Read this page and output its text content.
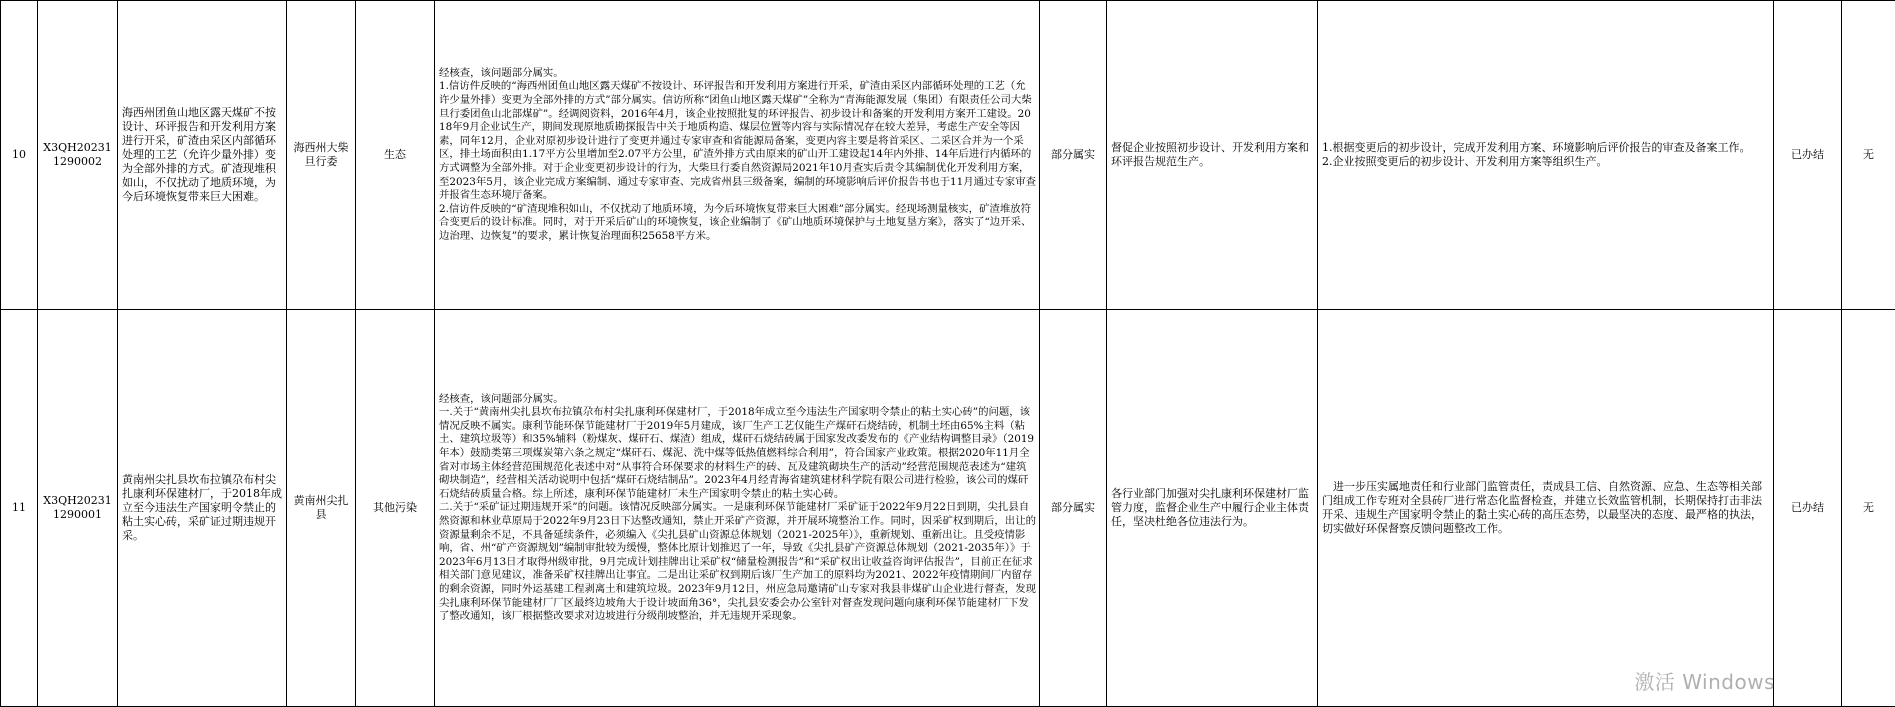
10	X3QH202311290002	海西州团鱼山地区露天煤矿不按设计、环评报告和开发利用方案进行开采，矿渣由采区内部循环处理的工艺（允许少量外排）变为全部外排的方式。矿渣现堆积如山，不仅扰动了地质环境，为今后环境恢复带来巨大困难。	海西州大柴旦行委	生态	经核查，该问题部分属实。
1.信访件反映的“海西州团鱼山地区露天煤矿不按设计、环评报告和开发利用方案进行开采，矿渣由采区内部循环处理的工艺（允许少量外排）变更为全部外排的方式”部分属实。信访所称“团鱼山地区露天煤矿”全称为“青海能源发展（集团）有限责任公司大柴旦行委团鱼山北部煤矿”。经调阅资料，2016年4月，该企业按照批复的环评报告、初步设计和备案的开发利用方案开工建设。2018年9月企业试生产，期间发现原地质勘探报告中关于地质构造、煤层位置等内容与实际情况存在较大差异，考虑生产安全等因素，同年12月，企业对原初步设计进行了变更并通过专家审查和省能源局备案，变更内容主要是将首采区、二采区合并为一个采区，排土场面积由1.17平方公里增加至2.07平方公里，矿渣外排方式由原来的矿山开工建设起14年内外排、14年后进行内循环的方式调整为全部外排。对于企业变更初步设计的行为，大柴旦行委自然资源局2021年10月查实后责令其编制优化开发利用方案，至2023年5月，该企业完成方案编制、通过专家审查、完成省州县三级备案，编制的环境影响后评价报告书也于11月通过专家审查并报省生态环境厅备案。
2.信访件反映的“矿渣现堆积如山，不仅扰动了地质环境，为今后环境恢复带来巨大困难”部分属实。经现场测量核实，矿渣堆放符合变更后的设计标准。同时，对于开采后矿山的环境恢复，该企业编制了《矿山地质环境保护与土地复垦方案》，落实了“边开采、边治理、边恢复”的要求，累计恢复治理面积25658平方米。	部分属实	督促企业按照初步设计、开发利用方案和环评报告规范生产。	1.根据变更后的初步设计，完成开发利用方案、环境影响后评价报告的审查及备案工作。
2.企业按照变更后的初步设计、开发利用方案等组织生产。	已办结	无
11	X3QH202311290001	黄南州尖扎县坎布拉镇尕布村尖扎康利环保建材厂，于2018年成立至今违法生产国家明令禁止的粘土实心砖，采矿证过期违规开采。	黄南州尖扎县	其他污染	经核查，该问题部分属实。
一.关于“黄南州尖扎县坎布拉镇尕布村尖扎康利环保建材厂，于2018年成立至今违法生产国家明令禁止的粘土实心砖”的问题，该情况反映不属实。康利节能环保节能建材厂于2019年5月建成，该厂生产工艺仅能生产煤矸石烧结砖，机制土坯由65%主料（粘土、建筑垃圾等）和35%辅料（粉煤灰、煤矸石、煤渣）组成，煤矸石烧结砖属于国家发改委发布的《产业结构调整目录》（2019年本）鼓励类第三项煤炭第六条之规定“煤矸石、煤泥、洗中煤等低热值燃料综合利用”，符合国家产业政策。根据2020年11月全省对市场主体经营范围规范化表述中对“从事符合环保要求的材料生产的砖、瓦及建筑砌块生产的活动”经营范围规范表述为“建筑砌块制造”，经营相关活动说明中包括“煤矸石烧结制品”。2023年4月经青海省建筑建材科学院有限公司进行检验，该公司的煤矸石烧结砖质量合格。综上所述，康利环保节能建材厂未生产国家明令禁止的粘土实心砖。
二.关于“采矿证过期违规开采”的问题。该情况反映部分属实。一是康利环保节能建材厂采矿证于2022年9月22日到期，尖扎县自然资源和林业草原局于2022年9月23日下达整改通知，禁止开采矿产资源，并开展环境整治工作。同时，因采矿权到期后，出让的资源量剩余不足，不具备延续条件，必须编入《尖扎县矿山资源总体规划（2021-2025年）》，重新规划、重新出让。且受疫情影响，省、州“矿产资源规划”编制审批较为缓慢，整体比原计划推迟了一年，导致《尖扎县矿产资源总体规划（2021-2035年）》于2023年6月13日才取得州级审批，9月完成计划挂牌出让采矿权“储量检测报告”和“采矿权出让收益咨询评估报告”，目前正在征求相关部门意见建议，准备采矿权挂牌出让事宜。二是出让采矿权到期后该厂生产加工的原料均为2021、2022年疫情期间厂内留存的剩余资源，同时外运基建工程剥离土和建筑垃圾。2023年9月12日，州应急局邀请矿山专家对我县非煤矿山企业进行督查，发现尖扎康利环保节能建材厂厂区最终边坡角大于设计坡面角36°，尖扎县安委会办公室针对督查发现问题向康利环保节能建材厂下发了整改通知，该厂根据整改要求对边坡进行分级削坡整治，并无违规开采现象。	部分属实	各行业部门加强对尖扎康利环保建材厂监管力度，监督企业生产中履行企业主体责任，坚决杜绝各位违法行为。	　进一步压实属地责任和行业部门监管责任，责成县工信、自然资源、应急、生态等相关部门组成工作专班对全县砖厂进行常态化监督检查，并建立长效监管机制，长期保持打击非法开采、违规生产国家明令禁止的黏土实心砖的高压态势，以最坚决的态度、最严格的执法，切实做好环保督察反馈问题整改工作。	已办结	无
激活 Windows
